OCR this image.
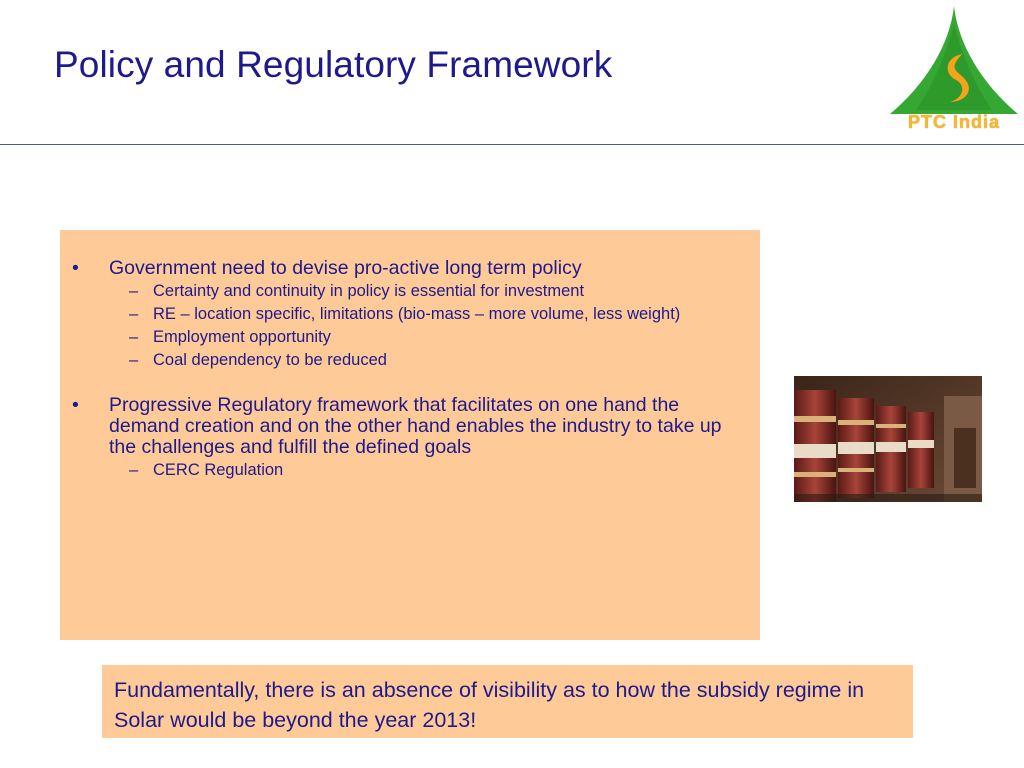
Policy and Regulatory Framework
PTC India
• Government need to devise pro-active long term policy
– Certainty and continuity in policy is essential for investment
– RE – location specific, limitations (bio-mass – more volume, less weight)
– Employment opportunity
– Coal dependency to be reduced
• Progressive Regulatory framework that facilitates on one hand the demand creation and on the other hand enables the industry to take up the challenges and fulfill the defined goals
– CERC Regulation
Fundamentally, there is an absence of visibility as to how the subsidy regime in Solar would be beyond the year 2013!
